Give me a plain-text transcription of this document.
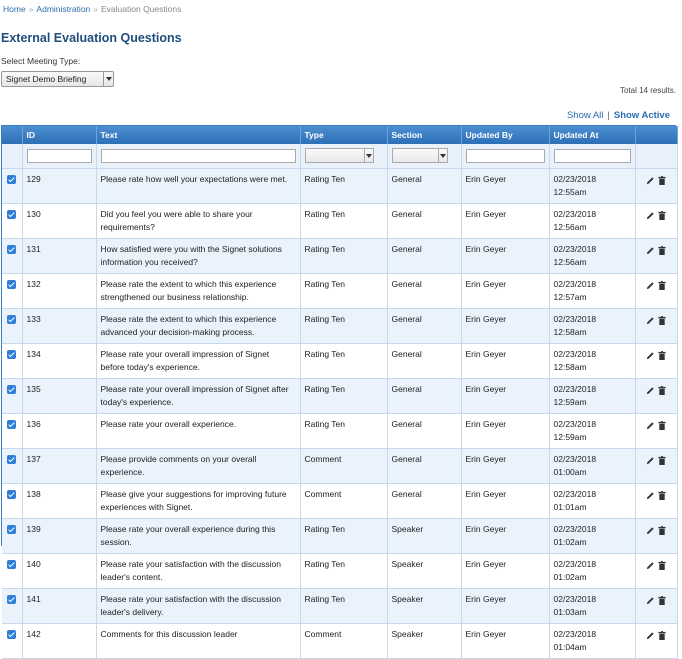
Home » Administration » Evaluation Questions
External Evaluation Questions
Select Meeting Type:
Signet Demo Briefing
Total 14 results.
Show All | Show Active
	ID	Text	Type	Section	Updated By	Updated At	

	129	Please rate how well your expectations were met.	Rating Ten	General	Erin Geyer	02/23/2018 12:55am	
	130	Did you feel you were able to share your requirements?	Rating Ten	General	Erin Geyer	02/23/2018 12:56am	
	131	How satisfied were you with the Signet solutions information you received?	Rating Ten	General	Erin Geyer	02/23/2018 12:56am	
	132	Please rate the extent to which this experience strengthened our business relationship.	Rating Ten	General	Erin Geyer	02/23/2018 12:57am	
	133	Please rate the extent to which this experience advanced your decision-making process.	Rating Ten	General	Erin Geyer	02/23/2018 12:58am	
	134	Please rate your overall impression of Signet before today's experience.	Rating Ten	General	Erin Geyer	02/23/2018 12:58am	
	135	Please rate your overall impression of Signet after today's experience.	Rating Ten	General	Erin Geyer	02/23/2018 12:59am	
	136	Please rate your overall experience.	Rating Ten	General	Erin Geyer	02/23/2018 12:59am	
	137	Please provide comments on your overall experience.	Comment	General	Erin Geyer	02/23/2018 01:00am	
	138	Please give your suggestions for improving future experiences with Signet.	Comment	General	Erin Geyer	02/23/2018 01:01am	
	139	Please rate your overall experience during this session.	Rating Ten	Speaker	Erin Geyer	02/23/2018 01:02am	
	140	Please rate your satisfaction with the discussion leader's content.	Rating Ten	Speaker	Erin Geyer	02/23/2018 01:02am	
	141	Please rate your satisfaction with the discussion leader's delivery.	Rating Ten	Speaker	Erin Geyer	02/23/2018 01:03am	
	142	Comments for this discussion leader	Comment	Speaker	Erin Geyer	02/23/2018 01:04am	
